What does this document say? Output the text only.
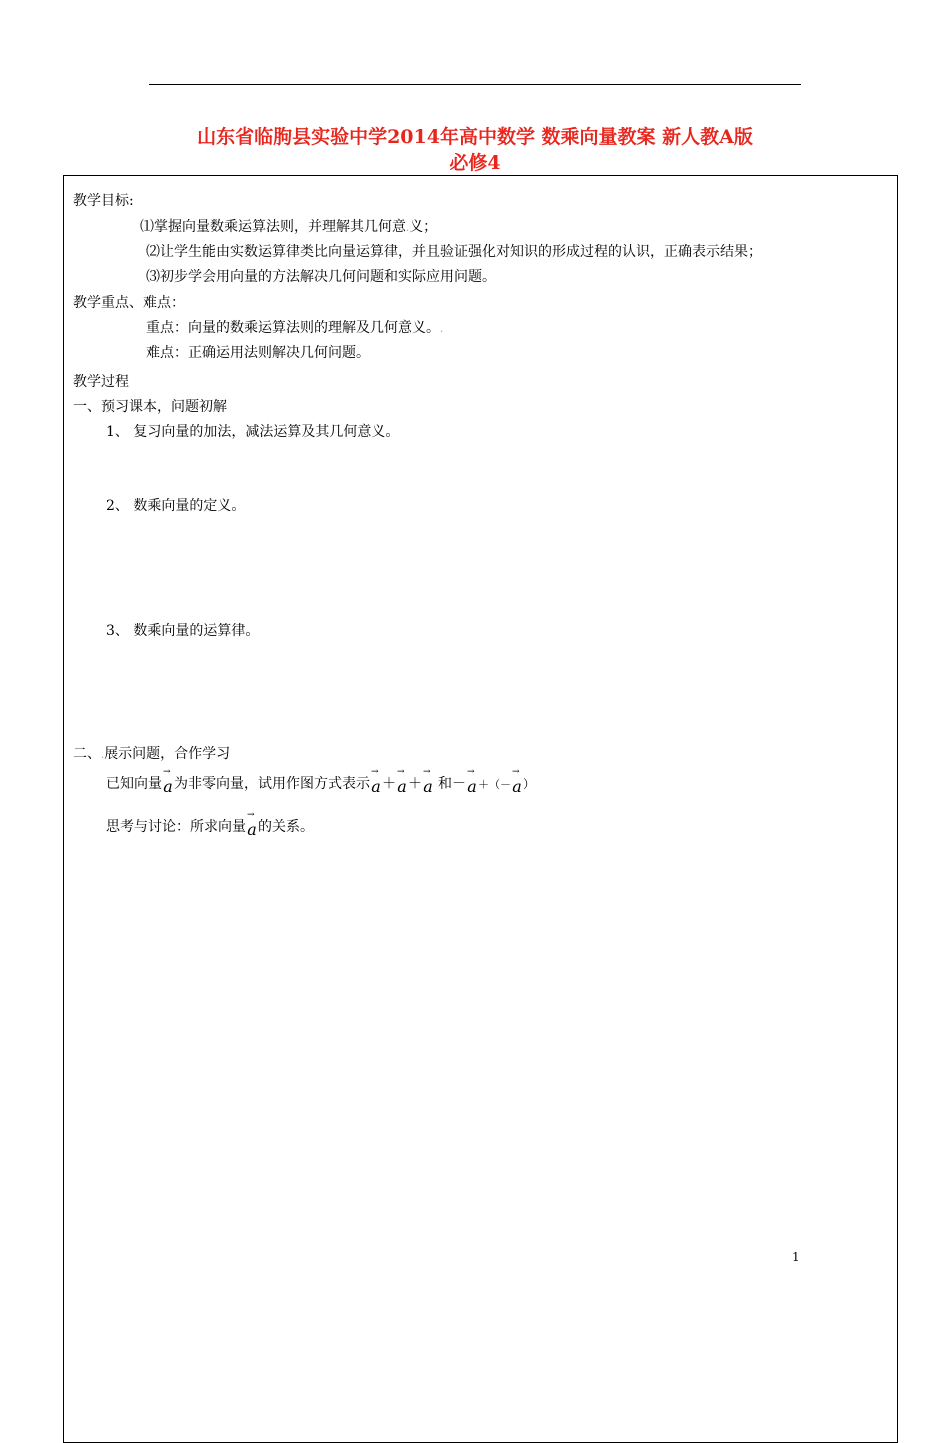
山东省临朐县实验中学2014年高中数学 数乘向量教案 新人教A版
必修4
教学目标:
⑴掌握向量数乘运算法则，并理解其几何意.义；
⑵让学生能由实数运算律类比向量运算律，并且验证强化对知识的形成过程的认识，正确表示结果；
⑶初步学会用向量的方法解决几何问题和实际应用问题。
教学重点、难点：
重点：向量的数乘运算法则的理解及几何意义。.
难点：正确运用法则解决几何问题。
教学过程
一、预习课本，问题初解
1、 复习向量的加法，减法运算及其几何意义。
2、 数乘向量的定义。
3、 数乘向量的运算律。
二、.展示问题，合作学习
已知向量
→
a为非零向量，试用作图方式表示
→
a＋
→
a＋
→
a 和－
→
a＋（－
→
a）
思考与讨论：所求向量
→
a的关系。
1
